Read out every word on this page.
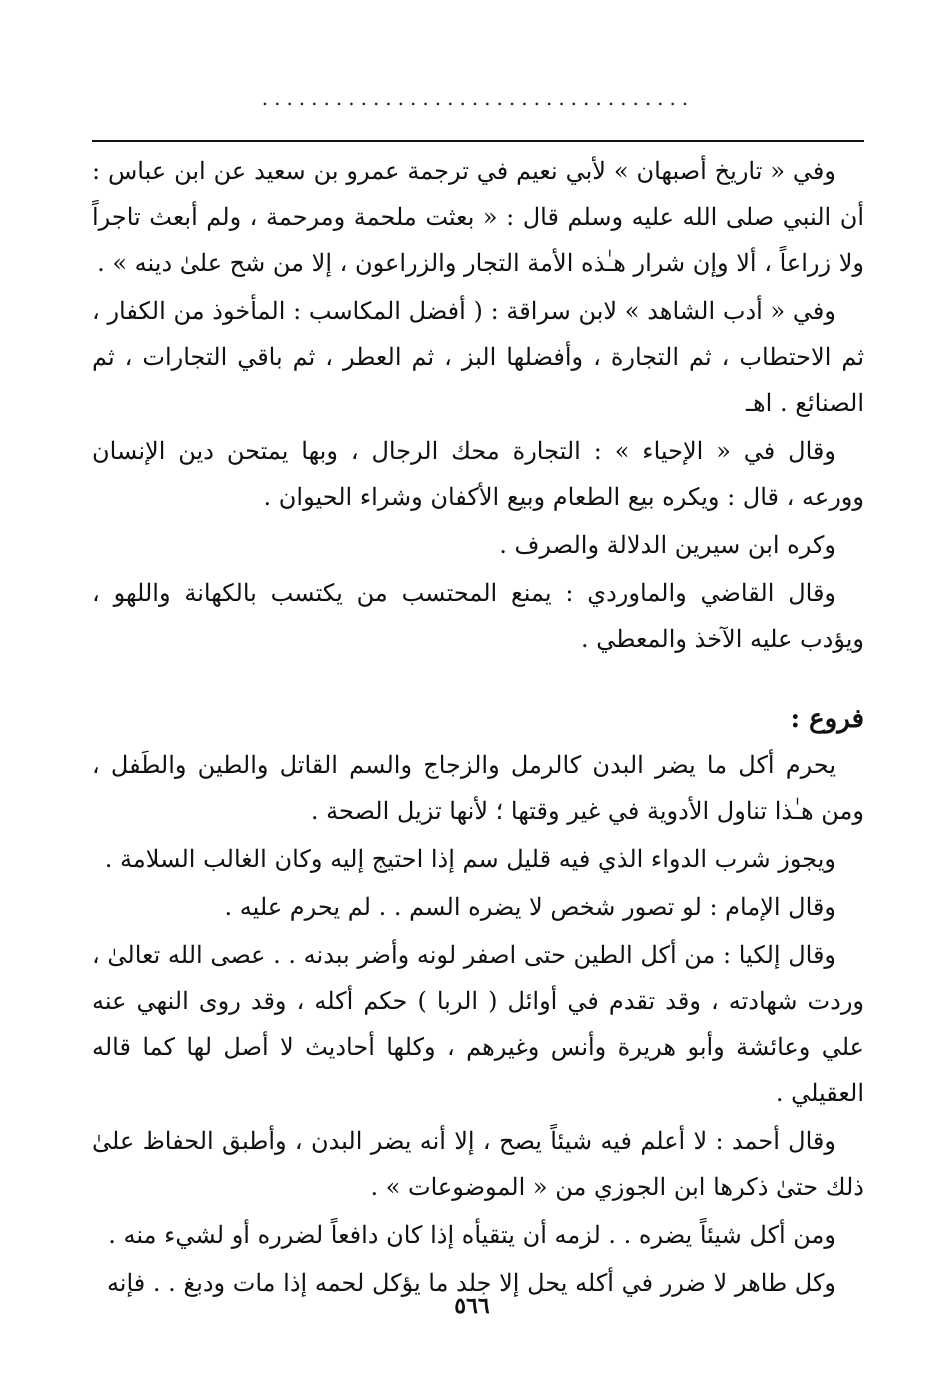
...................................

وفي « تاريخ أصبهان » لأبي نعيم في ترجمة عمرو بن سعيد عن ابن عباس : أن النبي صلى الله عليه وسلم قال : « بعثت ملحمة ومرحمة ، ولم أبعث تاجراً ولا زراعاً ، ألا وإن شرار هـٰذه الأمة التجار والزراعون ، إلا من شح علىٰ دينه » .

وفي « أدب الشاهد » لابن سراقة : ( أفضل المكاسب : المأخوذ من الكفار ، ثم الاحتطاب ، ثم التجارة ، وأفضلها البز ، ثم العطر ، ثم باقي التجارات ، ثم الصنائع . اهـ

وقال في « الإحياء » : التجارة محك الرجال ، وبها يمتحن دين الإنسان وورعه ، قال : ويكره بيع الطعام وبيع الأكفان وشراء الحيوان .

وكره ابن سيرين الدلالة والصرف .

وقال القاضي والماوردي : يمنع المحتسب من يكتسب بالكهانة واللهو ، ويؤدب عليه الآخذ والمعطي .

فروع :

يحرم أكل ما يضر البدن كالرمل والزجاج والسم القاتل والطين والطَفل ، ومن هـٰذا تناول الأدوية في غير وقتها ؛ لأنها تزيل الصحة .

ويجوز شرب الدواء الذي فيه قليل سم إذا احتيج إليه وكان الغالب السلامة .

وقال الإمام : لو تصور شخص لا يضره السم . . لم يحرم عليه .

وقال إلكيا : من أكل الطين حتى اصفر لونه وأضر ببدنه . . عصى الله تعالىٰ ، وردت شهادته ، وقد تقدم في أوائل ( الربا ) حكم أكله ، وقد روى النهي عنه علي وعائشة وأبو هريرة وأنس وغيرهم ، وكلها أحاديث لا أصل لها كما قاله العقيلي .

وقال أحمد : لا أعلم فيه شيئاً يصح ، إلا أنه يضر البدن ، وأطبق الحفاظ علىٰ ذلك حتىٰ ذكرها ابن الجوزي من « الموضوعات » .

ومن أكل شيئاً يضره . . لزمه أن يتقيأه إذا كان دافعاً لضرره أو لشيء منه .

وكل طاهر لا ضرر في أكله يحل إلا جلد ما يؤكل لحمه إذا مات ودبغ . . فإنه

٥٦٦
